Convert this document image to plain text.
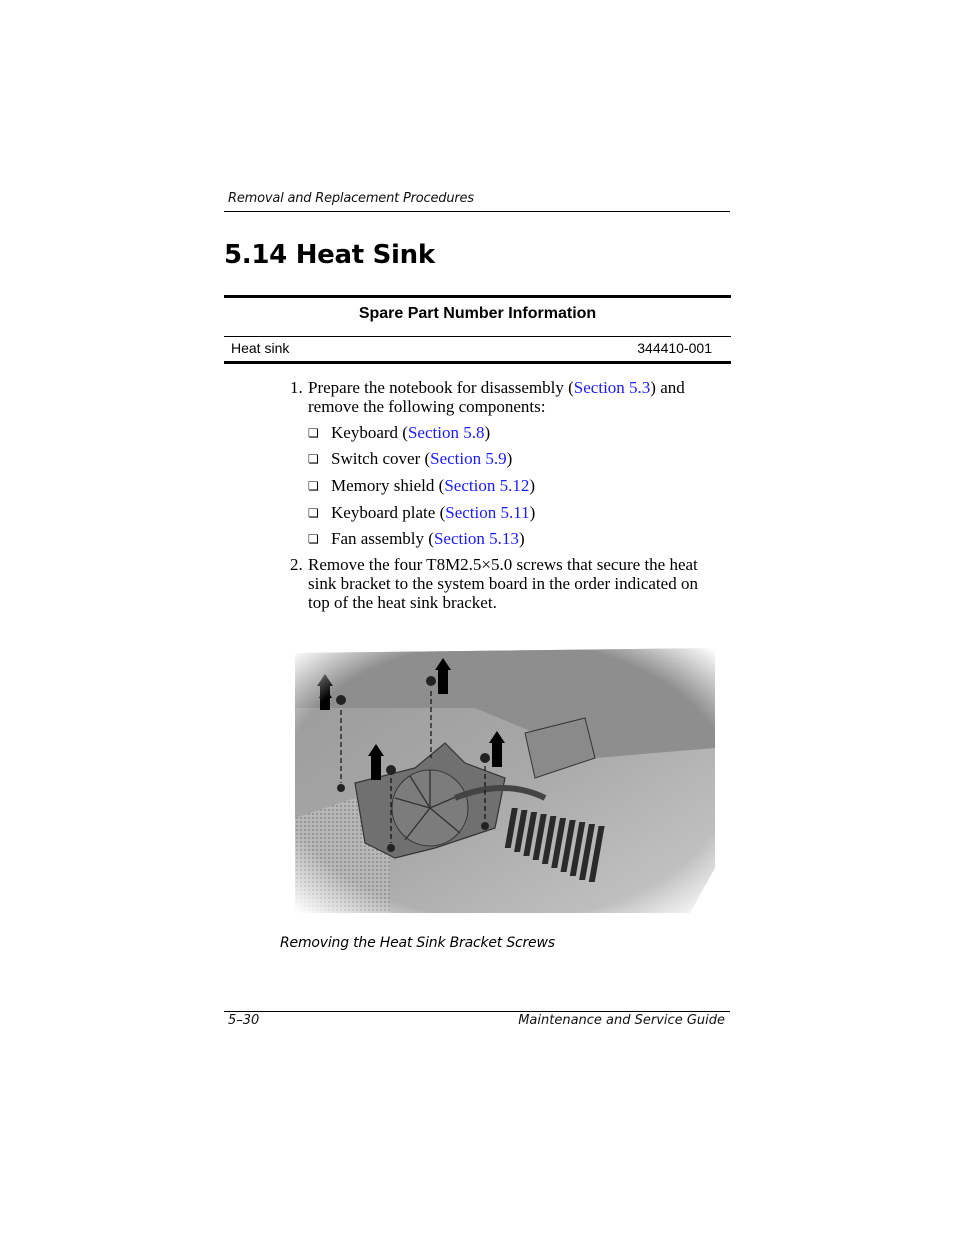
Removal and Replacement Procedures
5.14 Heat Sink
Spare Part Number Information
Heat sink	344410-001
1. Prepare the notebook for disassembly (Section 5.3) and
remove the following components:
❏ Keyboard (Section 5.8)
❏ Switch cover (Section 5.9)
❏ Memory shield (Section 5.12)
❏ Keyboard plate (Section 5.11)
❏ Fan assembly (Section 5.13)
2. Remove the four T8M2.5×5.0 screws that secure the heat
sink bracket to the system board in the order indicated on
top of the heat sink bracket.
Removing the Heat Sink Bracket Screws
5–30	Maintenance and Service Guide
